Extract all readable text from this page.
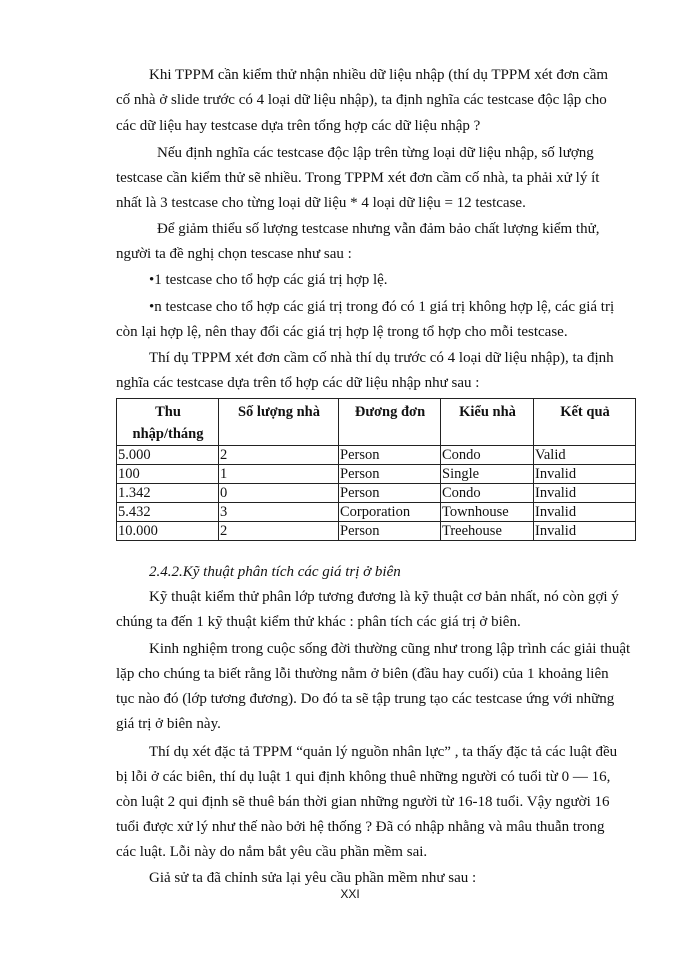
Khi TPPM cần kiểm thử nhận nhiều dữ liệu nhập (thí dụ TPPM xét đơn cầm
cố nhà ở slide trước có 4 loại dữ liệu nhập), ta định nghĩa các testcase độc lập cho
các dữ liệu hay testcase dựa trên tổng hợp các dữ liệu nhập ?
Nếu định nghĩa các testcase độc lập trên từng loại dữ liệu nhập, số lượng
testcase cần kiểm thử sẽ nhiều. Trong TPPM xét đơn cầm cố nhà, ta phải xử lý ít
nhất là 3 testcase cho từng loại dữ liệu * 4 loại dữ liệu = 12 testcase.
Để giảm thiểu số lượng testcase nhưng vẫn đảm bảo chất lượng kiểm thử,
người ta đề nghị chọn tescase như sau :
•1 testcase cho tổ hợp các giá trị hợp lệ.
•n testcase cho tổ hợp các giá trị trong đó có 1 giá trị không hợp lệ, các giá trị
còn lại hợp lệ, nên thay đổi các giá trị hợp lệ trong tổ hợp cho mỗi testcase.
Thí dụ TPPM xét đơn cầm cố nhà thí dụ trước có 4 loại dữ liệu nhập), ta định
nghĩa các testcase dựa trên tổ hợp các dữ liệu nhập như sau :
Thu nhập/tháng	Số lượng nhà	Đương đơn	Kiểu nhà	Kết quả

5.000	2	Person	Condo	Valid
100	1	Person	Single	Invalid
1.342	0	Person	Condo	Invalid
5.432	3	Corporation	Townhouse	Invalid
10.000	2	Person	Treehouse	Invalid
2.4.2.Kỹ thuật phân tích các giá trị ở biên
Kỹ thuật kiểm thử phân lớp tương đương là kỹ thuật cơ bản nhất, nó còn gợi ý
chúng ta đến 1 kỹ thuật kiểm thử khác : phân tích các giá trị ở biên.
Kinh nghiệm trong cuộc sống đời thường cũng như trong lập trình các giải thuật
lặp cho chúng ta biết rằng lỗi thường nằm ở biên (đầu hay cuối) của 1 khoảng liên
tục nào đó (lớp tương đương). Do đó ta sẽ tập trung tạo các testcase ứng với những
giá trị ở biên này.
Thí dụ xét đặc tả TPPM “quản lý nguồn nhân lực” , ta thấy đặc tả các luật đều
bị lỗi ở các biên, thí dụ luật 1 qui định không thuê những người có tuổi từ 0 — 16,
còn luật 2 qui định sẽ thuê bán thời gian những người từ 16-18 tuổi. Vậy người 16
tuổi được xử lý như thế nào bởi hệ thống ? Đã có nhập nhằng và mâu thuẫn trong
các luật. Lỗi này do nắm bắt yêu cầu phần mềm sai.
Giả sử ta đã chỉnh sửa lại yêu cầu phần mềm như sau :
XXI
